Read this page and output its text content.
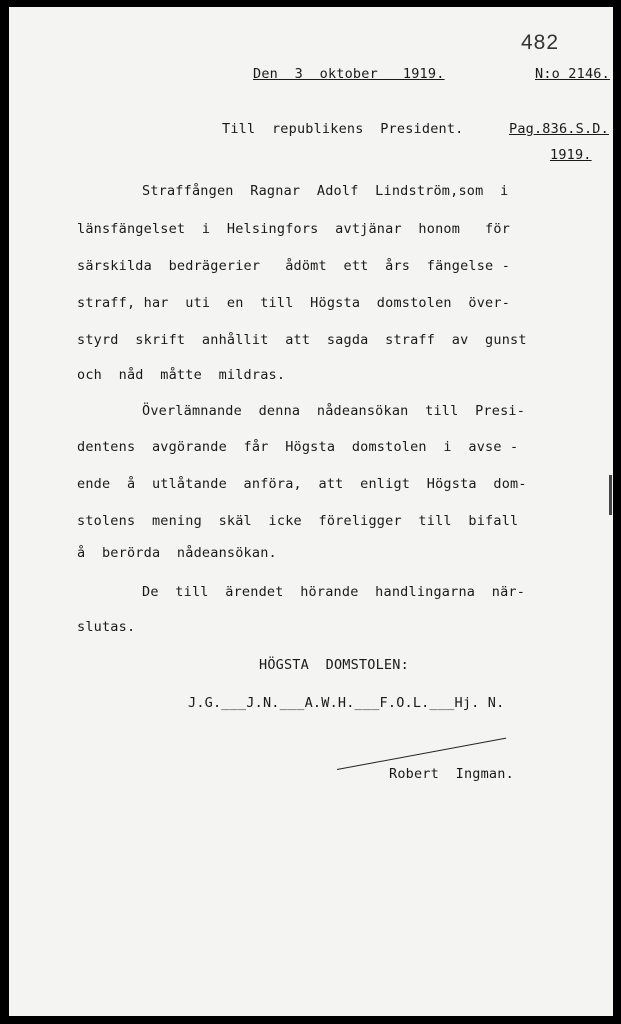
482
Den  3  oktober   1919.	N:o 2146.
Till  republikens  President.	Pag.836.S.D.
1919.
Straffången  Ragnar  Adolf  Lindström,som  i
länsfängelset  i  Helsingfors  avtjänar  honom   för
särskilda  bedrägerier   ådömt  ett  års  fängelse -
straff, har  uti  en  till  Högsta  domstolen  över-
styrd  skrift  anhållit  att  sagda  straff  av  gunst
och  nåd  måtte  mildras.
Överlämnande  denna  nådeansökan  till  Presi-
dentens  avgörande  får  Högsta  domstolen  i  avse -
ende  å  utlåtande  anföra,  att  enligt  Högsta  dom-
stolens  mening  skäl  icke  föreligger  till  bifall
å  berörda  nådeansökan.
De  till  ärendet  hörande  handlingarna  när-
slutas.
HÖGSTA  DOMSTOLEN:
J.G.___J.N.___A.W.H.___F.O.L.___Hj. N.
Robert  Ingman.
